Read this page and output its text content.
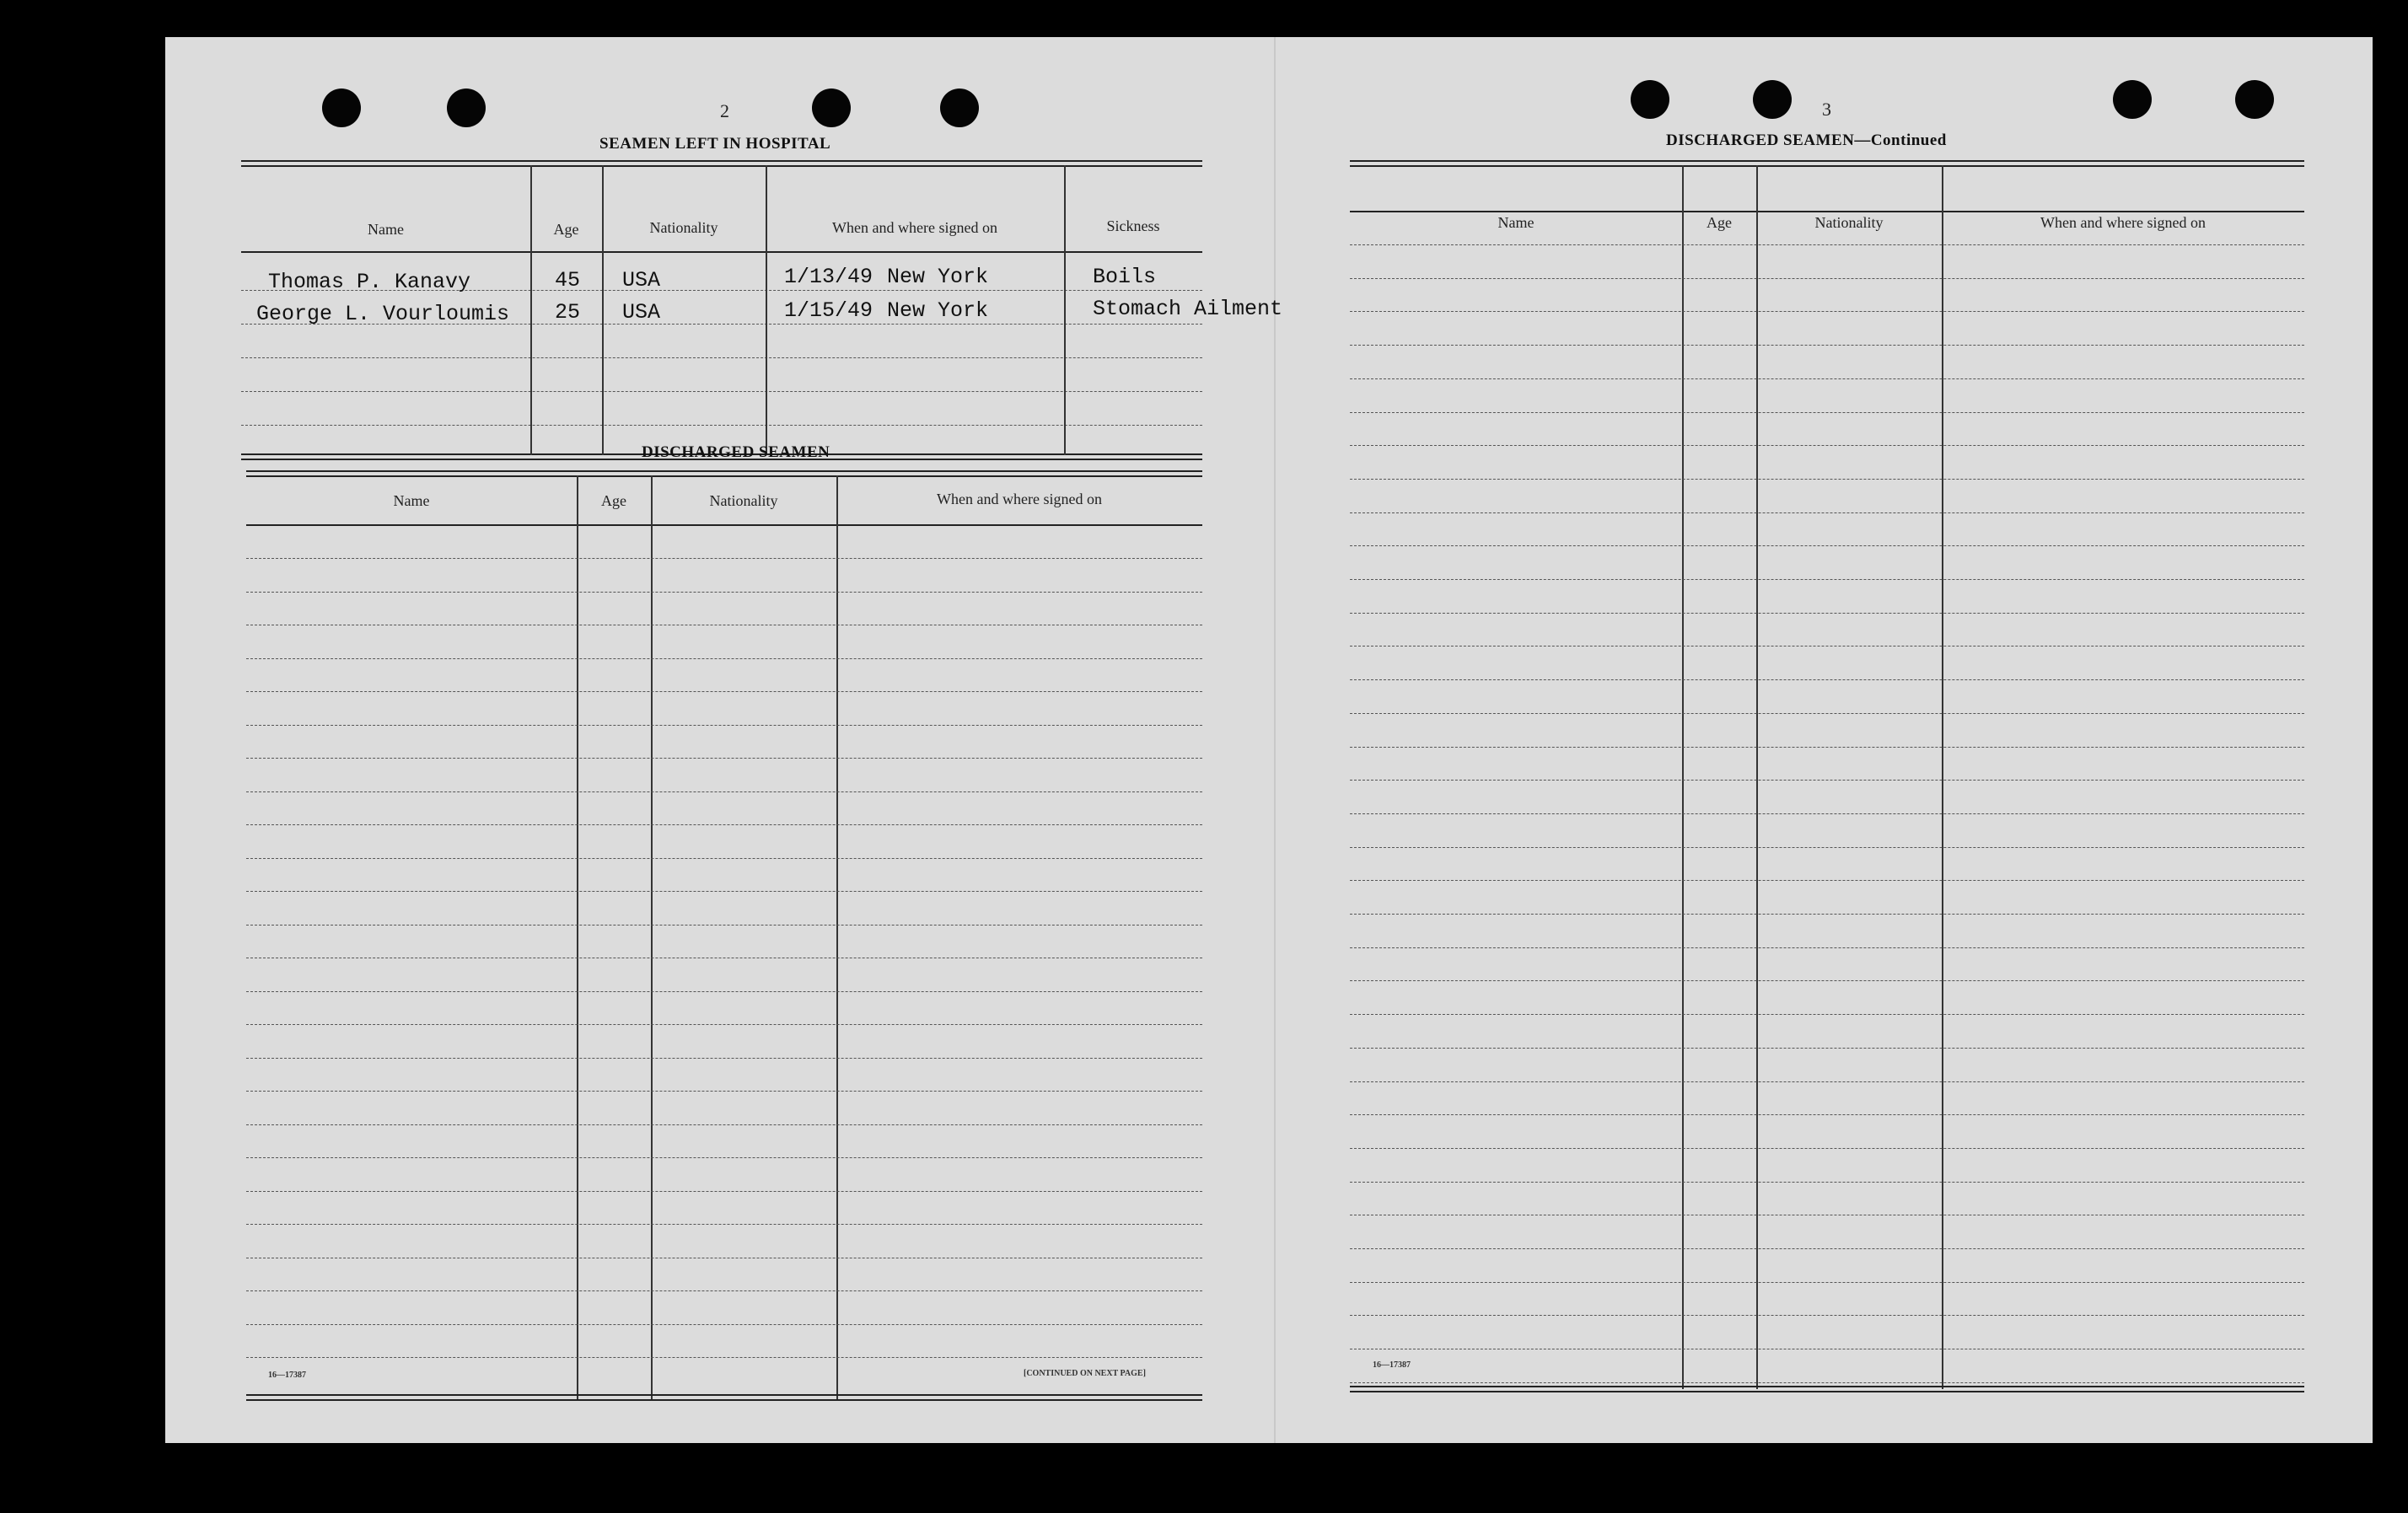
2
SEAMEN LEFT IN HOSPITAL
Name	Age	Nationality	When and where signed on	Sickness
Thomas P. Kanavy	45 USA	1/13/49 New York	Boils
George L. Vourloumis 25 USA	1/15/49 New York	Stomach Ailment
DISCHARGED SEAMEN
Name	Age	Nationality	When and where signed on
16—17387	[CONTINUED ON NEXT PAGE]
3
DISCHARGED SEAMEN—Continued
Name	Age	Nationality	When and where signed on
16—17387
